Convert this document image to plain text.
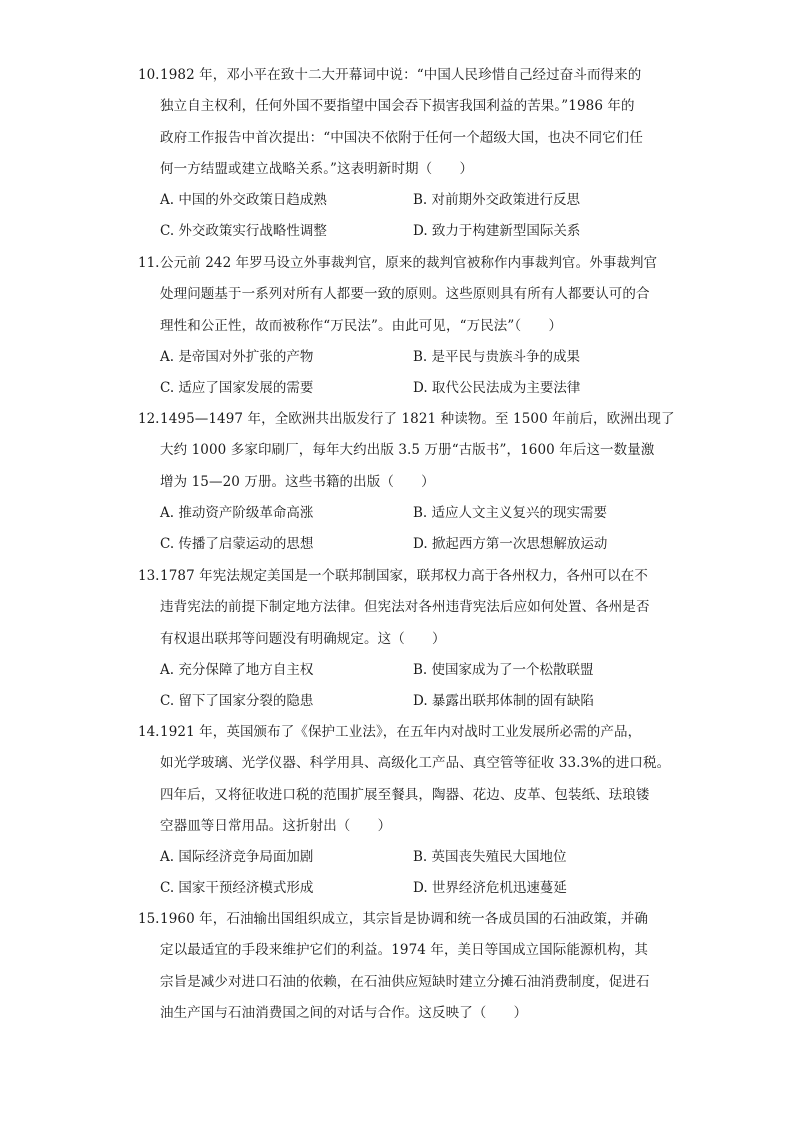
10. 1982 年，邓小平在致十二大开幕词中说：“中国人民珍惜自己经过奋斗而得来的
独立自主权利，任何外国不要指望中国会吞下损害我国利益的苦果。”1986 年的
政府工作报告中首次提出：“中国决不依附于任何一个超级大国，也决不同它们任
何一方结盟或建立战略关系。”这表明新时期（　　）
A. 中国的外交政策日趋成熟	B. 对前期外交政策进行反思
C. 外交政策实行战略性调整	D. 致力于构建新型国际关系
11. 公元前 242 年罗马设立外事裁判官，原来的裁判官被称作内事裁判官。外事裁判官
处理问题基于一系列对所有人都要一致的原则。这些原则具有所有人都要认可的合
理性和公正性，故而被称作“万民法”。由此可见，“万民法”（　　）
A. 是帝国对外扩张的产物	B. 是平民与贵族斗争的成果
C. 适应了国家发展的需要	D. 取代公民法成为主要法律
12. 1495—1497 年，全欧洲共出版发行了 1821 种读物。至 1500 年前后，欧洲出现了
大约 1000 多家印刷厂，每年大约出版 3.5 万册“古版书”，1600 年后这一数量激
增为 15—20 万册。这些书籍的出版（　　）
A. 推动资产阶级革命高涨	B. 适应人文主义复兴的现实需要
C. 传播了启蒙运动的思想	D. 掀起西方第一次思想解放运动
13. 1787 年宪法规定美国是一个联邦制国家，联邦权力高于各州权力，各州可以在不
违背宪法的前提下制定地方法律。但宪法对各州违背宪法后应如何处置、各州是否
有权退出联邦等问题没有明确规定。这（　　）
A. 充分保障了地方自主权	B. 使国家成为了一个松散联盟
C. 留下了国家分裂的隐患	D. 暴露出联邦体制的固有缺陷
14. 1921 年，英国颁布了《保护工业法》，在五年内对战时工业发展所必需的产品，
如光学玻璃、光学仪器、科学用具、高级化工产品、真空管等征收 33.3%的进口税。
四年后，又将征收进口税的范围扩展至餐具，陶器、花边、皮革、包装纸、珐琅镂
空器皿等日常用品。这折射出（　　）
A. 国际经济竞争局面加剧	B. 英国丧失殖民大国地位
C. 国家干预经济模式形成	D. 世界经济危机迅速蔓延
15. 1960 年，石油输出国组织成立，其宗旨是协调和统一各成员国的石油政策，并确
定以最适宜的手段来维护它们的利益。1974 年，美日等国成立国际能源机构，其
宗旨是减少对进口石油的依赖，在石油供应短缺时建立分摊石油消费制度，促进石
油生产国与石油消费国之间的对话与合作。这反映了（　　）
